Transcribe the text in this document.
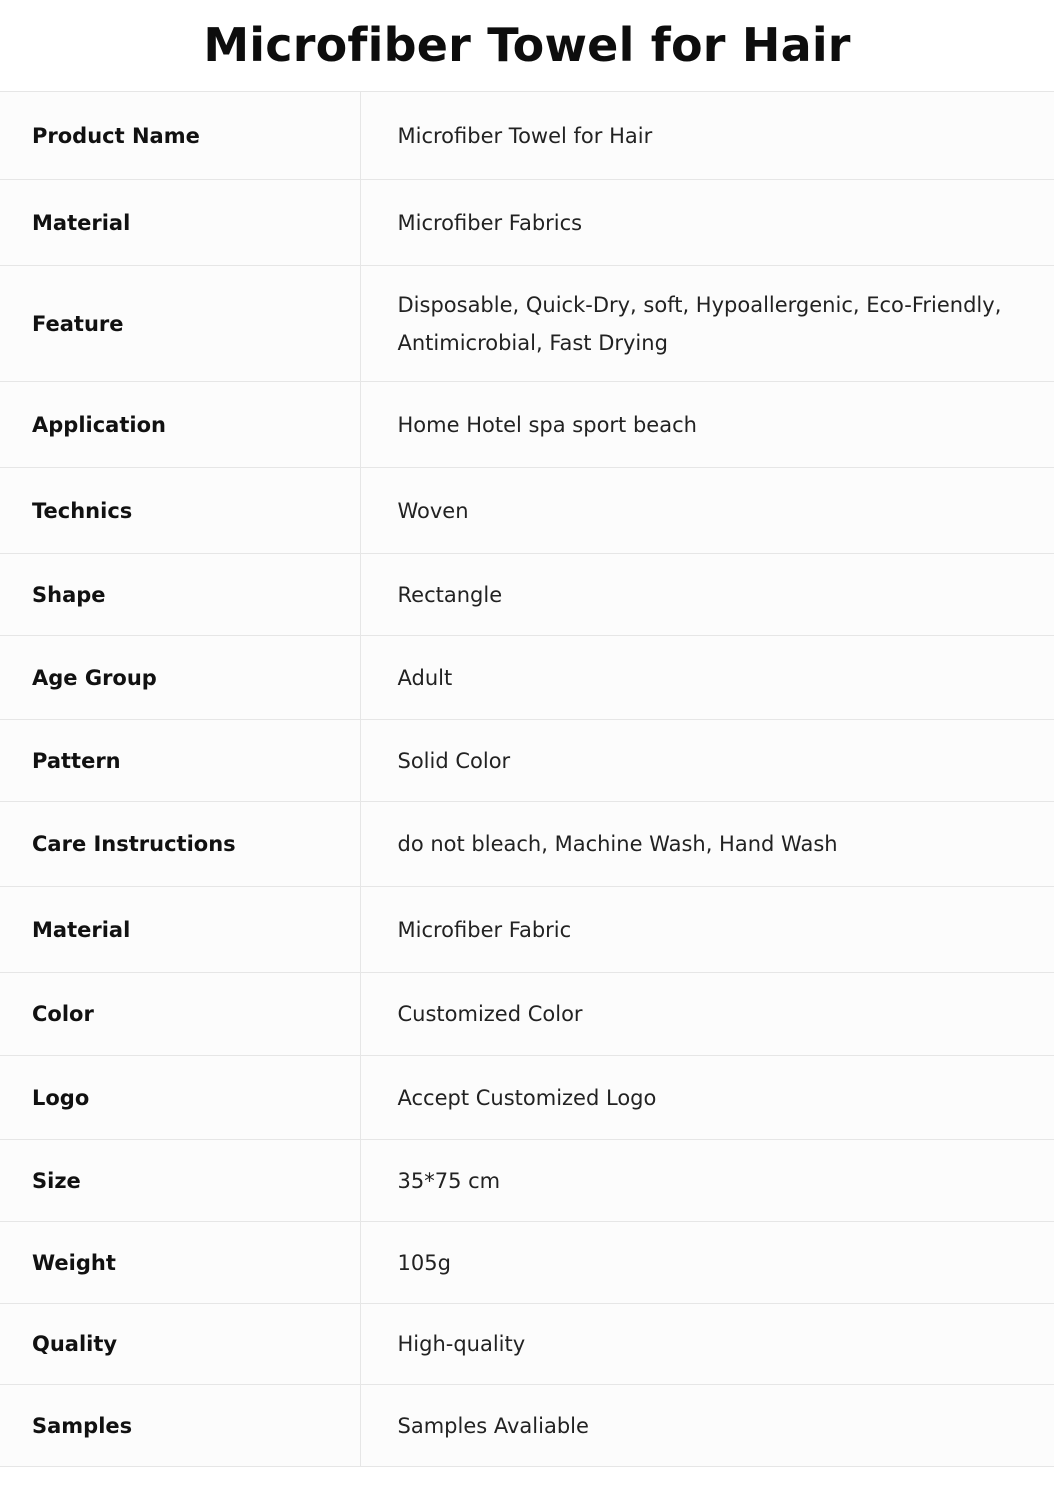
Microfiber Towel for Hair
Product Name	Microfiber Towel for Hair
Material	Microfiber Fabrics
Feature	Disposable, Quick-Dry, soft, Hypoallergenic, Eco-Friendly, Antimicrobial, Fast Drying
Application	Home Hotel spa sport beach
Technics	Woven
Shape	Rectangle
Age Group	Adult
Pattern	Solid Color
Care Instructions	do not bleach, Machine Wash, Hand Wash
Material	Microfiber Fabric
Color	Customized Color
Logo	Accept Customized Logo
Size	35*75 cm
Weight	105g
Quality	High-quality
Samples	Samples Avaliable
